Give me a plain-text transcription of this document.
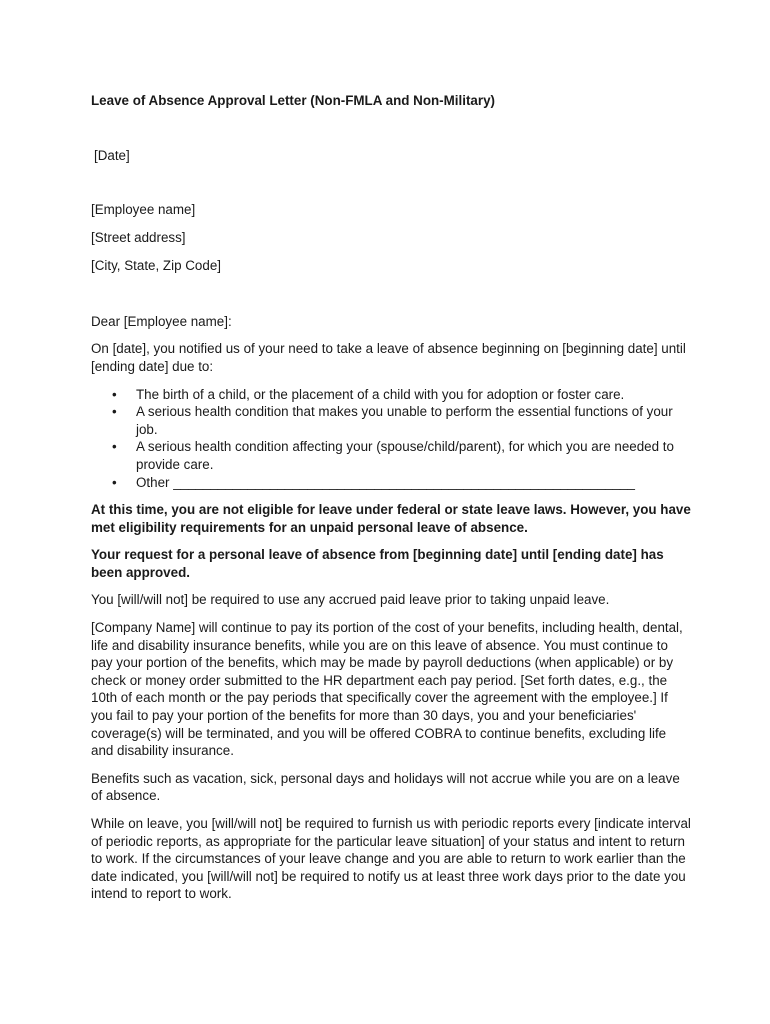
Leave of Absence Approval Letter (Non-FMLA and Non-Military)

[Date]

[Employee name]

[Street address]

[City, State, Zip Code]

Dear [Employee name]:

On [date], you notified us of your need to take a leave of absence beginning on [beginning date] until [ending date] due to:

• The birth of a child, or the placement of a child with you for adoption or foster care.
• A serious health condition that makes you unable to perform the essential functions of your job.
• A serious health condition affecting your (spouse/child/parent), for which you are needed to provide care.
• Other ______________________________________________________________

At this time, you are not eligible for leave under federal or state leave laws. However, you have met eligibility requirements for an unpaid personal leave of absence.

Your request for a personal leave of absence from [beginning date] until [ending date] has been approved.

You [will/will not] be required to use any accrued paid leave prior to taking unpaid leave.

[Company Name] will continue to pay its portion of the cost of your benefits, including health, dental, life and disability insurance benefits, while you are on this leave of absence. You must continue to pay your portion of the benefits, which may be made by payroll deductions (when applicable) or by check or money order submitted to the HR department each pay period. [Set forth dates, e.g., the 10th of each month or the pay periods that specifically cover the agreement with the employee.] If you fail to pay your portion of the benefits for more than 30 days, you and your beneficiaries' coverage(s) will be terminated, and you will be offered COBRA to continue benefits, excluding life and disability insurance.

Benefits such as vacation, sick, personal days and holidays will not accrue while you are on a leave of absence.

While on leave, you [will/will not] be required to furnish us with periodic reports every [indicate interval of periodic reports, as appropriate for the particular leave situation] of your status and intent to return to work. If the circumstances of your leave change and you are able to return to work earlier than the date indicated, you [will/will not] be required to notify us at least three work days prior to the date you intend to report to work.
